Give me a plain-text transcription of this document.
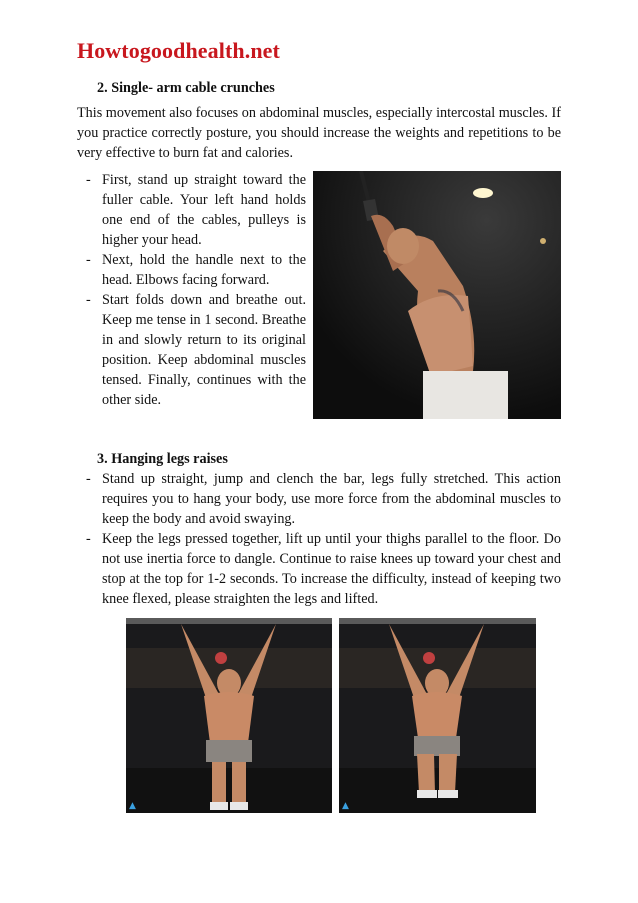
Howtogoodhealth.net

2. Single- arm cable crunches

This movement also focuses on abdominal muscles, especially intercostal muscles. If you practice correctly posture, you should increase the weights and repetitions to be very effective to burn fat and calories.

- First, stand up straight toward the fuller cable. Your left hand holds one end of the cables, pulleys is higher your head.
- Next, hold the handle next to the head. Elbows facing forward.
- Start folds down and breathe out. Keep me tense in 1 second. Breathe in and slowly return to its original position. Keep abdominal muscles tensed. Finally, continues with the other side.

3. Hanging legs raises

- Stand up straight, jump and clench the bar, legs fully stretched. This action requires you to hang your body, use more force from the abdominal muscles to keep the body and avoid swaying.
- Keep the legs pressed together, lift up until your thighs parallel to the floor. Do not use inertia force to dangle. Continue to raise knees up toward your chest and stop at the top for 1-2 seconds. To increase the difficulty, instead of keeping two knee flexed, please straighten the legs and lifted.
▲	▲
